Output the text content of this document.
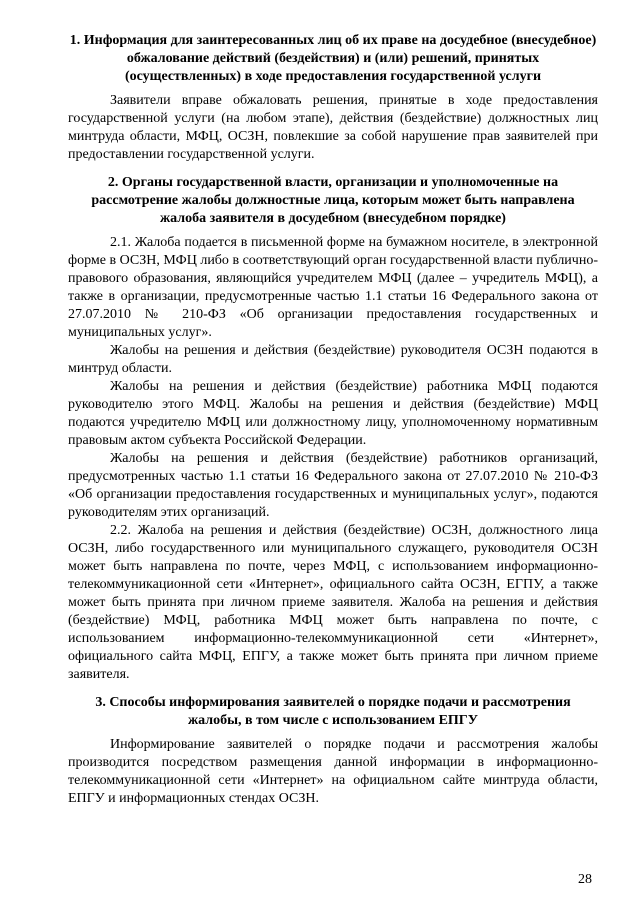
1. Информация для заинтересованных лиц об их праве на досудебное (внесудебное) обжалование действий (бездействия) и (или) решений, принятых (осуществленных) в ходе предоставления государственной услуги

Заявители вправе обжаловать решения, принятые в ходе предоставления государственной услуги (на любом этапе), действия (бездействие) должностных лиц минтруда области, МФЦ, ОСЗН, повлекшие за собой нарушение прав заявителей при предоставлении государственной услуги.

2. Органы государственной власти, организации и уполномоченные на рассмотрение жалобы должностные лица, которым может быть направлена жалоба заявителя в досудебном (внесудебном порядке)

2.1. Жалоба подается в письменной форме на бумажном носителе, в электронной форме в ОСЗН, МФЦ либо в соответствующий орган государственной власти публично-правового образования, являющийся учредителем МФЦ (далее – учредитель МФЦ), а также в организации, предусмотренные частью 1.1 статьи 16 Федерального закона от 27.07.2010 № 210-ФЗ «Об организации предоставления государственных и муниципальных услуг».

Жалобы на решения и действия (бездействие) руководителя ОСЗН подаются в минтруд области.

Жалобы на решения и действия (бездействие) работника МФЦ подаются руководителю этого МФЦ. Жалобы на решения и действия (бездействие) МФЦ подаются учредителю МФЦ или должностному лицу, уполномоченному нормативным правовым актом субъекта Российской Федерации.

Жалобы на решения и действия (бездействие) работников организаций, предусмотренных частью 1.1 статьи 16 Федерального закона от 27.07.2010 № 210-ФЗ «Об организации предоставления государственных и муниципальных услуг», подаются руководителям этих организаций.

2.2. Жалоба на решения и действия (бездействие) ОСЗН, должностного лица ОСЗН, либо государственного или муниципального служащего, руководителя ОСЗН может быть направлена по почте, через МФЦ, с использованием информационно-телекоммуникационной сети «Интернет», официального сайта ОСЗН, ЕГПУ, а также может быть принята при личном приеме заявителя. Жалоба на решения и действия (бездействие) МФЦ, работника МФЦ может быть направлена по почте, с использованием информационно-телекоммуникационной сети «Интернет», официального сайта МФЦ, ЕПГУ, а также может быть принята при личном приеме заявителя.

3. Способы информирования заявителей о порядке подачи и рассмотрения жалобы, в том числе с использованием ЕПГУ

Информирование заявителей о порядке подачи и рассмотрения жалобы производится посредством размещения данной информации в информационно-телекоммуникационной сети «Интернет» на официальном сайте минтруда области, ЕПГУ и информационных стендах ОСЗН.

28
